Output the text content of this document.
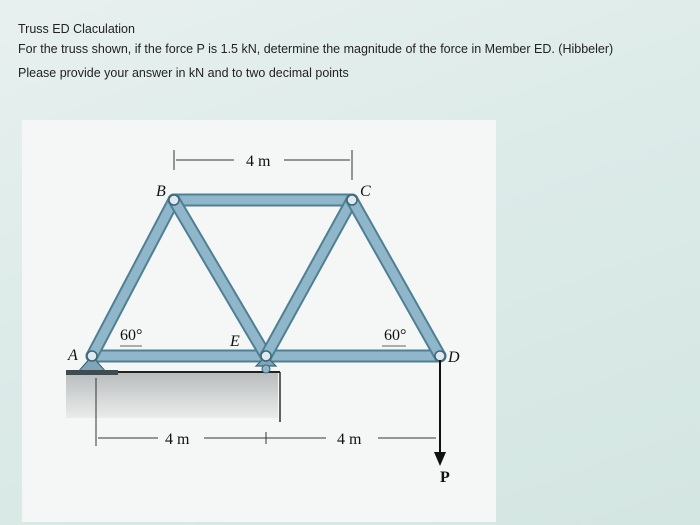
Truss ED Claculation
For the truss shown, if the force P is 1.5 kN, determine the magnitude of the force in Member ED. (Hibbeler)
Please provide your answer in kN and to two decimal points
4 m
4 m	4 m
P
60°	60°
A
B	C
D
E
